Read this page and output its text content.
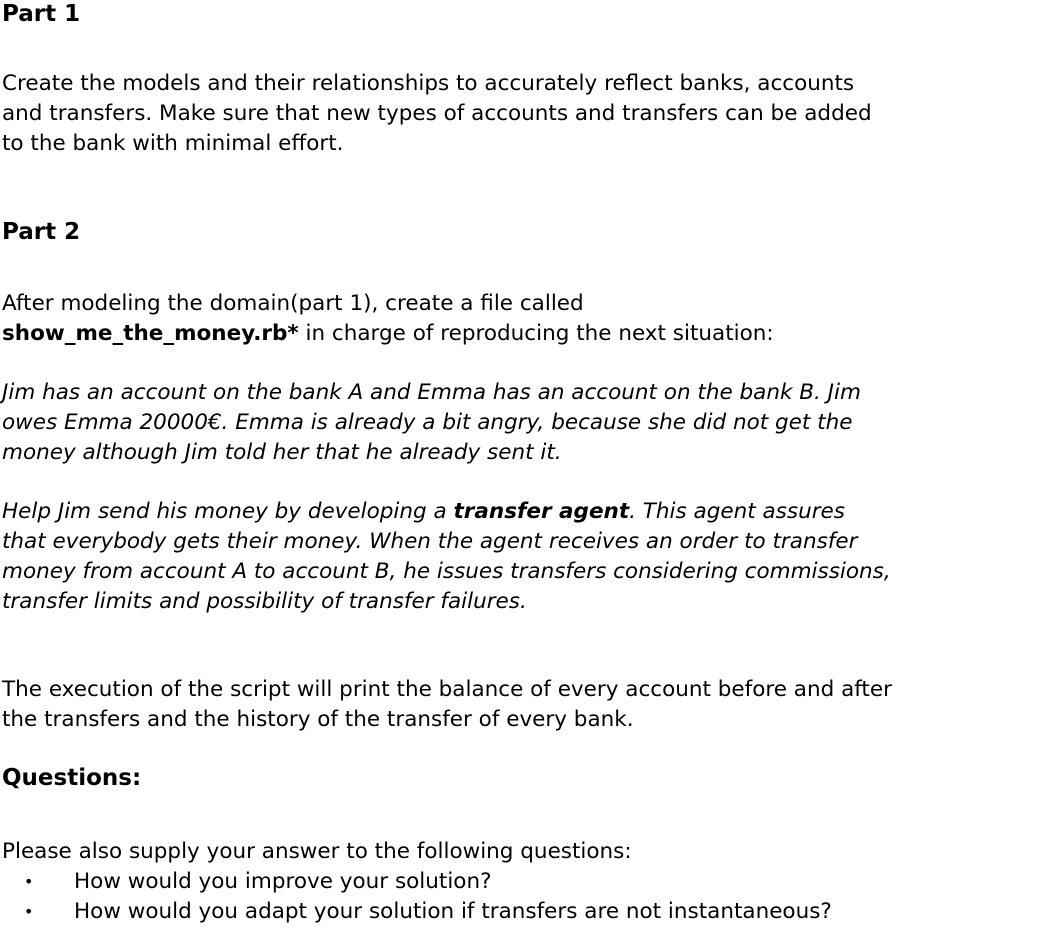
Part 1

Create the models and their relationships to accurately reflect banks, accounts
and transfers. Make sure that new types of accounts and transfers can be added
to the bank with minimal effort.

Part 2

After modeling the domain(part 1), create a file called
show_me_the_money.rb* in charge of reproducing the next situation:

Jim has an account on the bank A and Emma has an account on the bank B. Jim
owes Emma 20000€. Emma is already a bit angry, because she did not get the
money although Jim told her that he already sent it.

Help Jim send his money by developing a transfer agent. This agent assures
that everybody gets their money. When the agent receives an order to transfer
money from account A to account B, he issues transfers considering commissions,
transfer limits and possibility of transfer failures.

The execution of the script will print the balance of every account before and after
the transfers and the history of the transfer of every bank.

Questions:

Please also supply your answer to the following questions:

• How would you improve your solution?
• How would you adapt your solution if transfers are not instantaneous?
